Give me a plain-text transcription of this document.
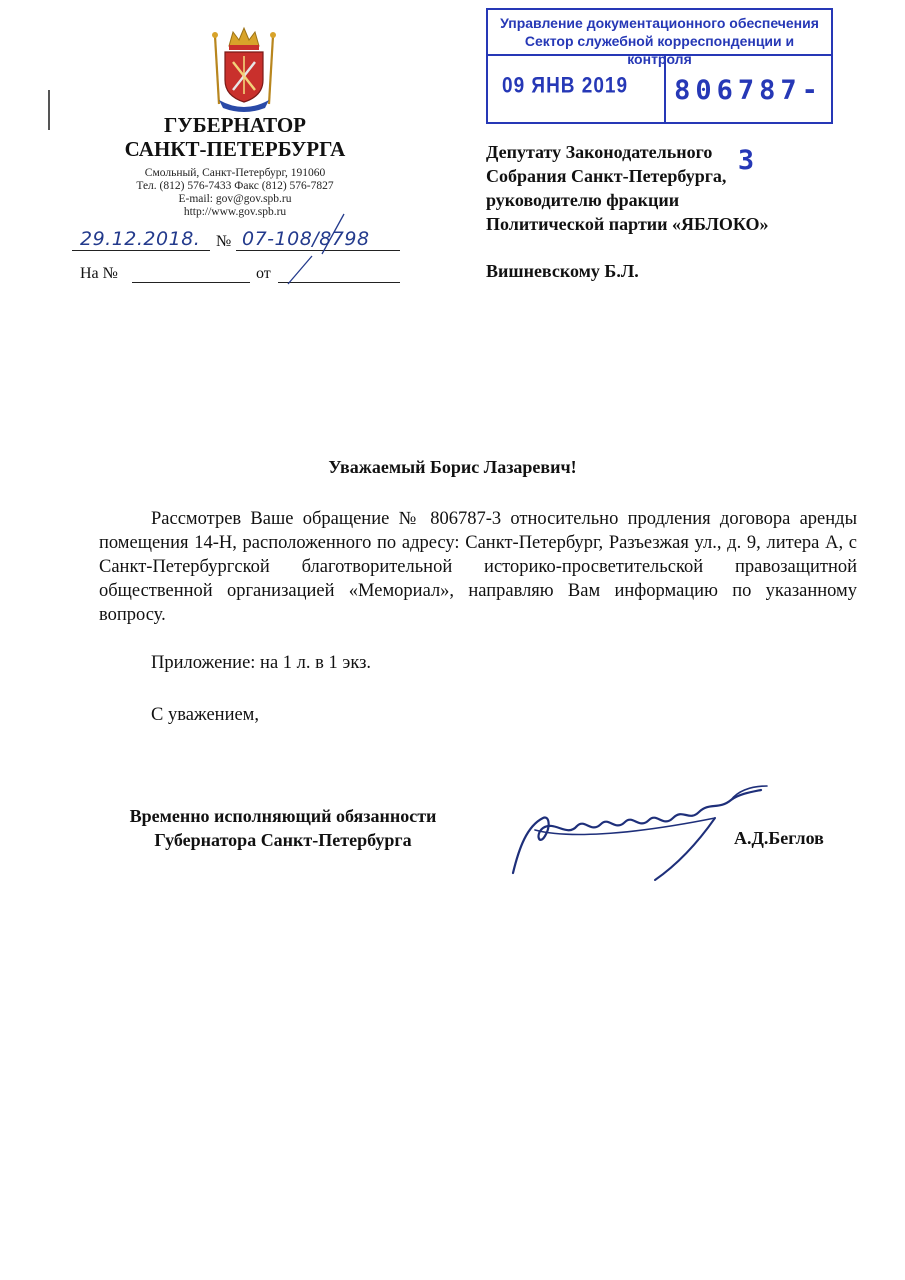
ГУБЕРНАТОР
САНКТ-ПЕТЕРБУРГА
Смольный, Санкт-Петербург, 191060
Тел. (812) 576-7433 Факс (812) 576-7827
E-mail: gov@gov.spb.ru
http://www.gov.spb.ru
29.12.2018. № 07-108/8798
На №	от
Управление документационного обеспечения
Сектор служебной корреспонденции и контроля
09 ЯНВ 2019	806787-3
Депутату Законодательного
Собрания Санкт-Петербурга,
руководителю фракции
Политической партии «ЯБЛОКО»
Вишневскому Б.Л.
Уважаемый Борис Лазаревич!
Рассмотрев Ваше обращение № 806787-3 относительно продления договора аренды помещения 14-Н, расположенного по адресу: Санкт-Петербург, Разъезжая ул., д. 9, литера А, с Санкт-Петербургской благотворительной историко-просветительской правозащитной общественной организацией «Мемориал», направляю Вам информацию по указанному вопросу.
Приложение: на 1 л. в 1 экз.
С уважением,
Временно исполняющий обязанности
Губернатора Санкт-Петербурга	А.Д.Беглов
